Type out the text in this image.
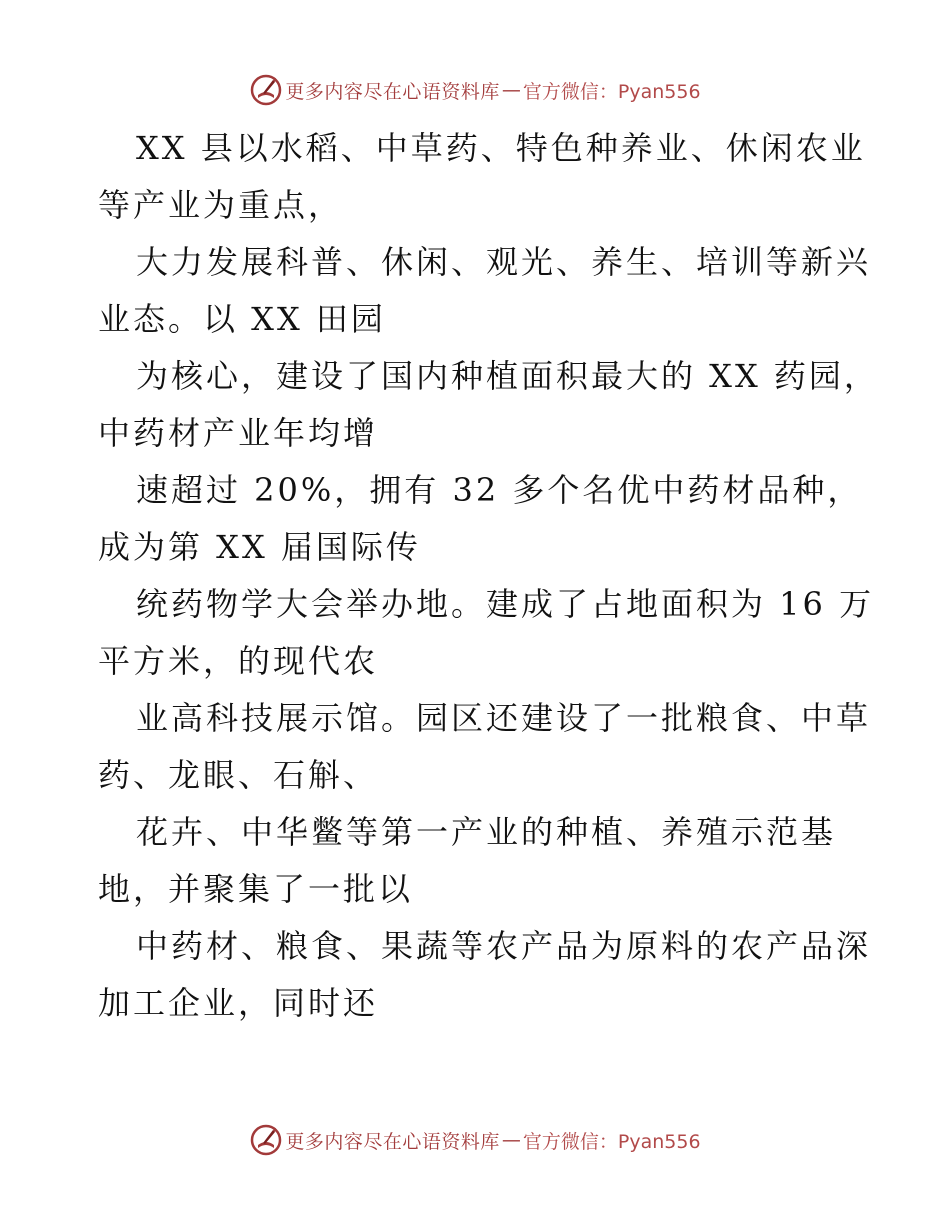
更多内容尽在心语资料库 — 官方微信：Pyan556

XX 县以水稻、中草药、特色种养业、休闲农业
等产业为重点，

大力发展科普、休闲、观光、养生、培训等新兴
业态。以 XX 田园

为核心，建设了国内种植面积最大的 XX 药园，
中药材产业年均增

速超过 20%，拥有 32 多个名优中药材品种，
成为第 XX 届国际传

统药物学大会举办地。建成了占地面积为 16 万
平方米，的现代农

业高科技展示馆。园区还建设了一批粮食、中草
药、龙眼、石斛、

花卉、中华鳖等第一产业的种植、养殖示范基
地，并聚集了一批以

中药材、粮食、果蔬等农产品为原料的农产品深
加工企业，同时还

更多内容尽在心语资料库 — 官方微信：Pyan556
